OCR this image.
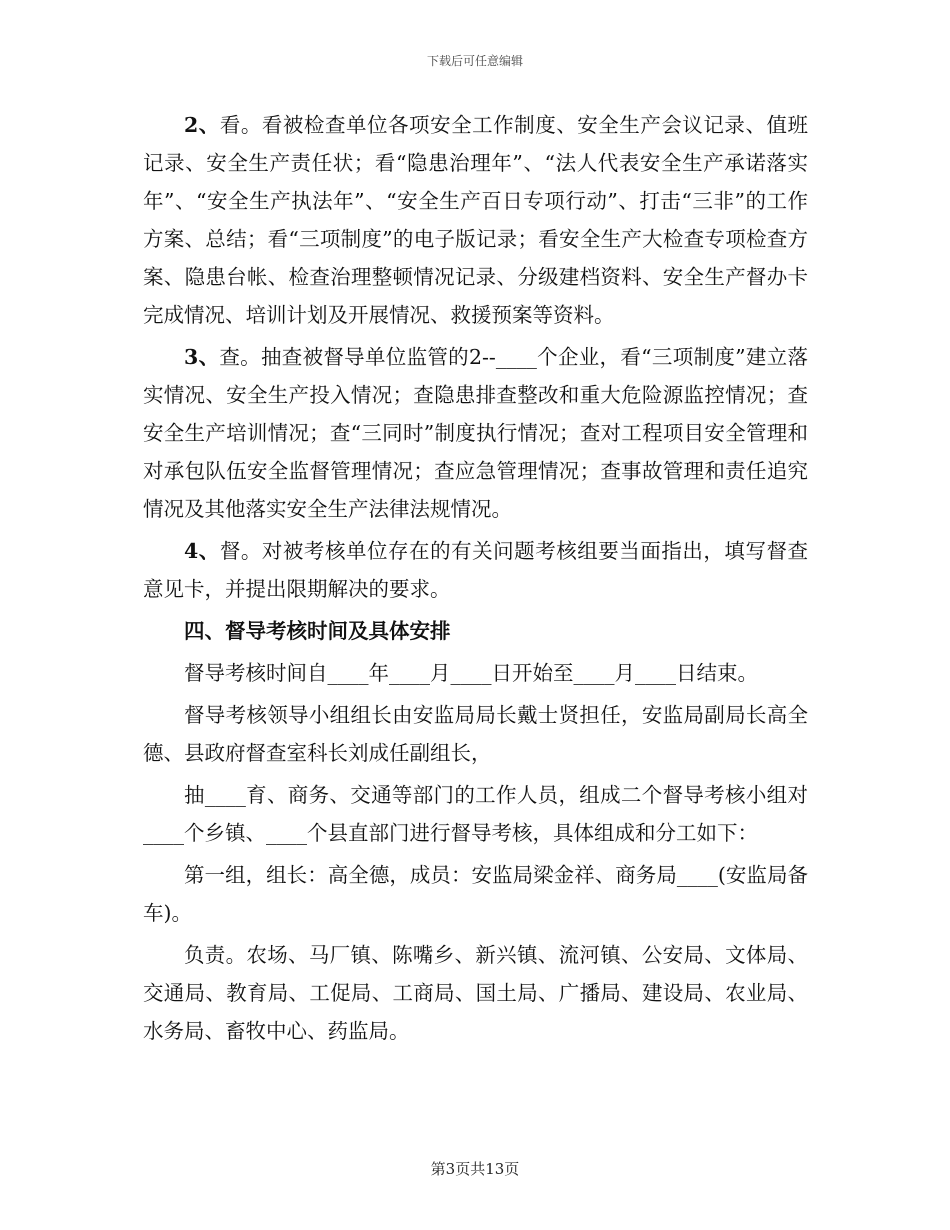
下载后可任意编辑

2、看。看被检查单位各项安全工作制度、安全生产会议记录、值班记录、安全生产责任状；看“隐患治理年”、“法人代表安全生产承诺落实年”、“安全生产执法年”、“安全生产百日专项行动”、打击“三非”的工作方案、总结；看“三项制度”的电子版记录；看安全生产大检查专项检查方案、隐患台帐、检查治理整顿情况记录、分级建档资料、安全生产督办卡完成情况、培训计划及开展情况、救援预案等资料。

3、查。抽查被督导单位监管的2--____个企业，看“三项制度”建立落实情况、安全生产投入情况；查隐患排查整改和重大危险源监控情况；查安全生产培训情况；查“三同时”制度执行情况；查对工程项目安全管理和对承包队伍安全监督管理情况；查应急管理情况；查事故管理和责任追究情况及其他落实安全生产法律法规情况。

4、督。对被考核单位存在的有关问题考核组要当面指出，填写督查意见卡，并提出限期解决的要求。

四、督导考核时间及具体安排

督导考核时间自____年____月____日开始至____月____日结束。

督导考核领导小组组长由安监局局长戴士贤担任，安监局副局长高全德、县政府督查室科长刘成任副组长，

抽____育、商务、交通等部门的工作人员，组成二个督导考核小组对____个乡镇、____个县直部门进行督导考核，具体组成和分工如下：

第一组，组长：高全德，成员：安监局梁金祥、商务局____(安监局备车)。

负责。农场、马厂镇、陈嘴乡、新兴镇、流河镇、公安局、文体局、交通局、教育局、工促局、工商局、国土局、广播局、建设局、农业局、水务局、畜牧中心、药监局。

第3页共13页
